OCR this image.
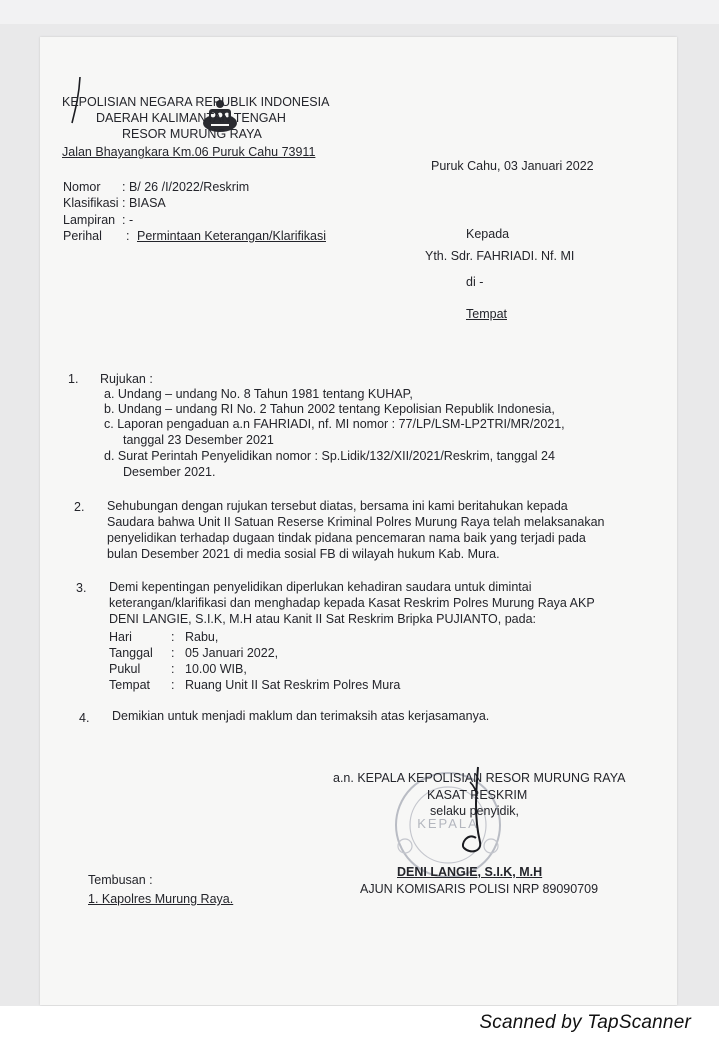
KEPOLISIAN NEGARA REPUBLIK INDONESIA
DAERAH KALIMANTAN TENGAH
RESOR MURUNG RAYA
Jalan Bhayangkara Km.06 Puruk Cahu 73911
Puruk Cahu, 03 Januari 2022
Nomor : B/ 26 /I/2022/Reskrim
Klasifikasi : BIASA
Lampiran : -
Perihal : Permintaan Keterangan/Klarifikasi	Kepada
Yth. Sdr. FAHRIADI. Nf. MI
di -
Tempat
1. Rujukan :
a. Undang – undang No. 8 Tahun 1981 tentang KUHAP,
b. Undang – undang RI No. 2 Tahun 2002 tentang Kepolisian Republik Indonesia,
c. Laporan pengaduan a.n FAHRIADI, nf. MI nomor : 77/LP/LSM-LP2TRI/MR/2021,
tanggal 23 Desember 2021
d. Surat Perintah Penyelidikan nomor : Sp.Lidik/132/XII/2021/Reskrim, tanggal 24
Desember 2021.
2. Sehubungan dengan rujukan tersebut diatas, bersama ini kami beritahukan kepada
Saudara bahwa Unit II Satuan Reserse Kriminal Polres Murung Raya telah melaksanakan
penyelidikan terhadap dugaan tindak pidana pencemaran nama baik yang terjadi pada
bulan Desember 2021 di media sosial FB di wilayah hukum Kab. Mura.
3. Demi kepentingan penyelidikan diperlukan kehadiran saudara untuk dimintai
keterangan/klarifikasi dan menghadap kepada Kasat Reskrim Polres Murung Raya AKP
DENI LANGIE, S.I.K, M.H atau Kanit II Sat Reskrim Bripka PUJIANTO, pada:
Hari	: Rabu,
Tanggal : 05 Januari 2022,
Pukul : 10.00 WIB,
Tempat : Ruang Unit II Sat Reskrim Polres Mura
4. Demikian untuk menjadi maklum dan terimaksih atas kerjasamanya.
KEPALA
a.n. KEPALA KEPOLISIAN RESOR MURUNG RAYA
KASAT RESKRIM
selaku penyidik,
DENI LANGIE, S.I.K, M.H
AJUN KOMISARIS POLISI NRP 89090709
Tembusan :
1. Kapolres Murung Raya.
Scanned by TapScanner
